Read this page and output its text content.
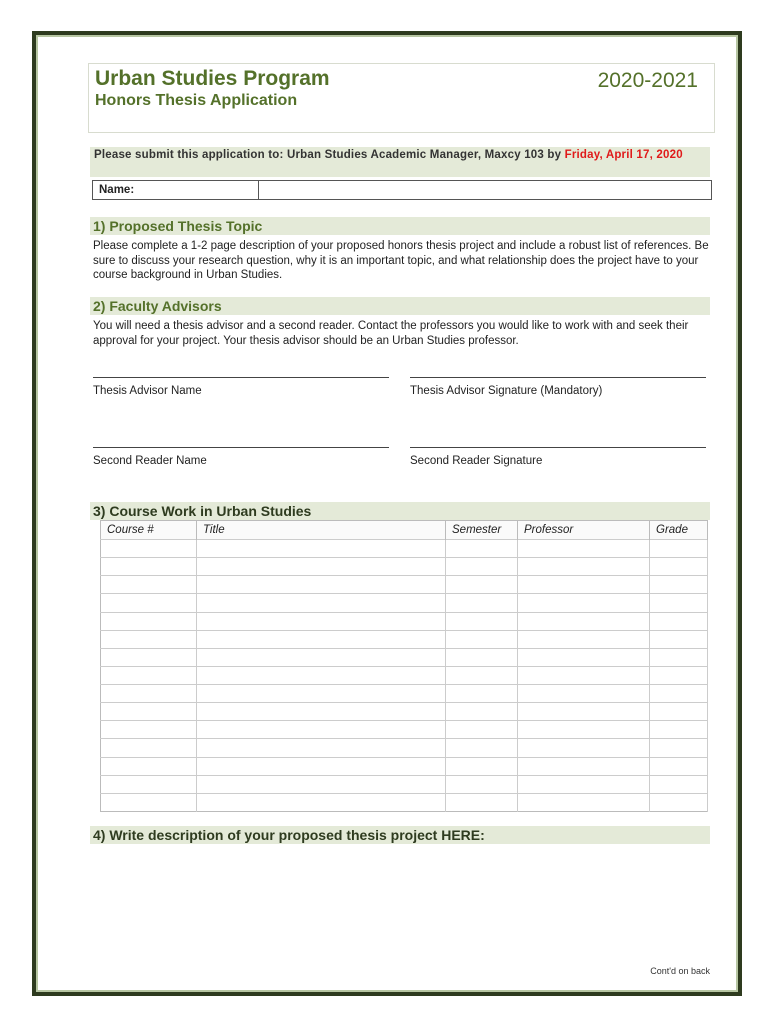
Urban Studies Program
Honors Thesis Application
2020-2021
Please submit this application to: Urban Studies Academic Manager, Maxcy 103 by Friday, April 17, 2020
Name:
1) Proposed Thesis Topic

Please complete a 1-2 page description of your proposed honors thesis project and include a robust list of references. Be sure to discuss your research question, why it is an important topic, and what relationship does the project have to your course background in Urban Studies.

2) Faculty Advisors

You will need a thesis advisor and a second reader. Contact the professors you would like to work with and seek their approval for your project. Your thesis advisor should be an Urban Studies professor.

Thesis Advisor Name	Thesis Advisor Signature (Mandatory)
Second Reader Name	Second Reader Signature
3) Course Work in Urban Studies
Course #	Title	Semester	Professor	Grade

4) Write description of your proposed thesis project HERE:
Cont'd on back
